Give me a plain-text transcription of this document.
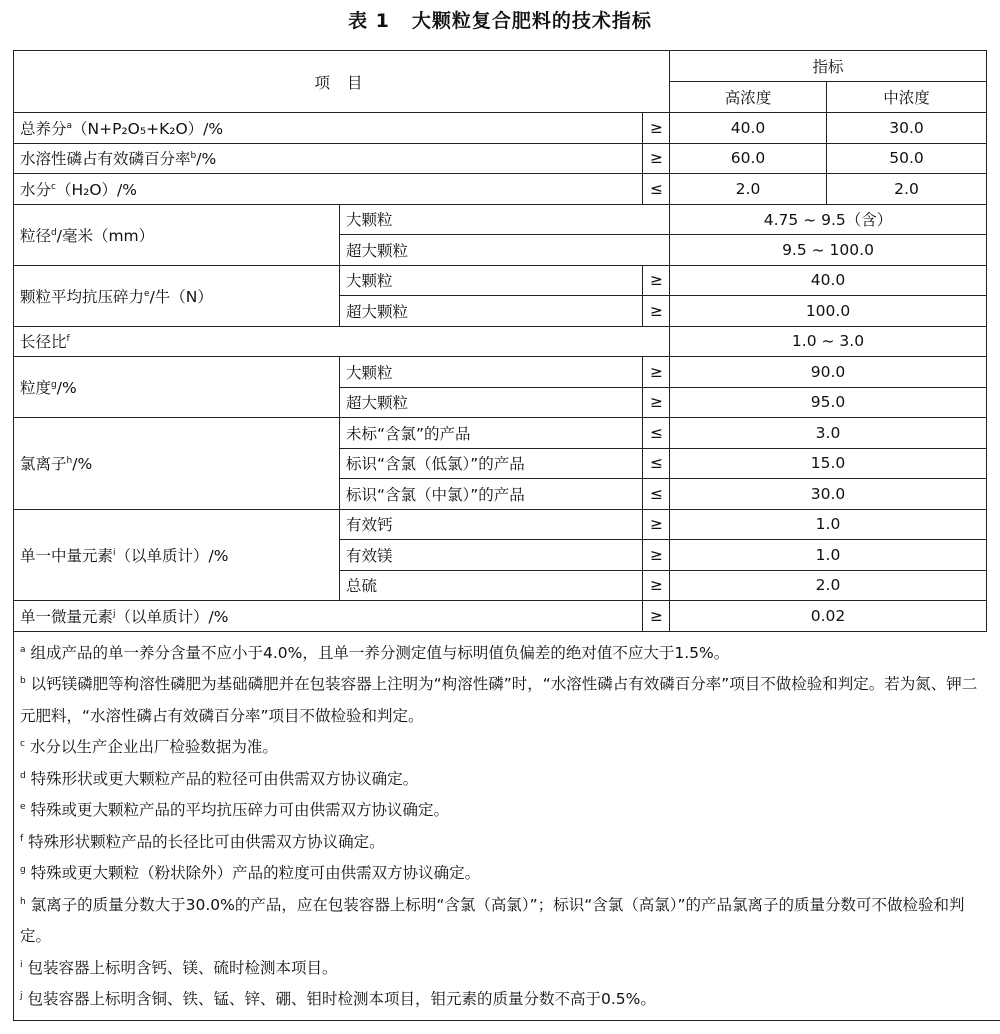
表 1 大颗粒复合肥料的技术指标
项 目			指标	
			高浓度	中浓度
总养分$^a$（N+P₂O₅+K₂O）/%		≥	40.0	30.0
水溶性磷占有效磷百分率$^b$/%		≥	60.0	50.0
水分$^c$（H₂O）/%		≤	2.0	2.0
粒径$^d$/毫米（mm）	大颗粒		4.75 ~ 9.5（含）	
	超大颗粒		9.5 ~ 100.0	
颗粒平均抗压碎力$^e$/牛（N）	大颗粒	≥	40.0	
	超大颗粒	≥	100.0	
长径比$^f$			1.0 ~ 3.0	
粒度$^g$/%	大颗粒	≥	90.0	
	超大颗粒	≥	95.0	
氯离子$^h$/%	未标“含氯”的产品	≤	3.0	
	标识“含氯（低氯）”的产品	≤	15.0	
	标识“含氯（中氯）”的产品	≤	30.0	
单一中量元素$^i$（以单质计）/%	有效钙	≥	1.0	
	有效镁	≥	1.0	
	总硫	≥	2.0	
单一微量元素$^j$（以单质计）/%		≥	0.02	

$^a$ 组成产品的单一养分含量不应小于4.0%，且单一养分测定值与标明值负偏差的绝对值不应大于1.5%。

$^b$ 以钙镁磷肥等枸溶性磷肥为基础磷肥并在包装容器上注明为“枸溶性磷”时，“水溶性磷占有效磷百分率”项目不做检验和判定。若为氮、钾二元肥料，“水溶性磷占有效磷百分率”项目不做检验和判定。

$^c$ 水分以生产企业出厂检验数据为准。

$^d$ 特殊形状或更大颗粒产品的粒径可由供需双方协议确定。

$^e$ 特殊或更大颗粒产品的平均抗压碎力可由供需双方协议确定。

$^f$ 特殊形状颗粒产品的长径比可由供需双方协议确定。

$^g$ 特殊或更大颗粒（粉状除外）产品的粒度可由供需双方协议确定。

$^h$ 氯离子的质量分数大于30.0%的产品，应在包装容器上标明“含氯（高氯）”；标识“含氯（高氯）”的产品氯离子的质量分数可不做检验和判定。

$^i$ 包装容器上标明含钙、镁、硫时检测本项目。

$^j$ 包装容器上标明含铜、铁、锰、锌、硼、钼时检测本项目，钼元素的质量分数不高于0.5%。
